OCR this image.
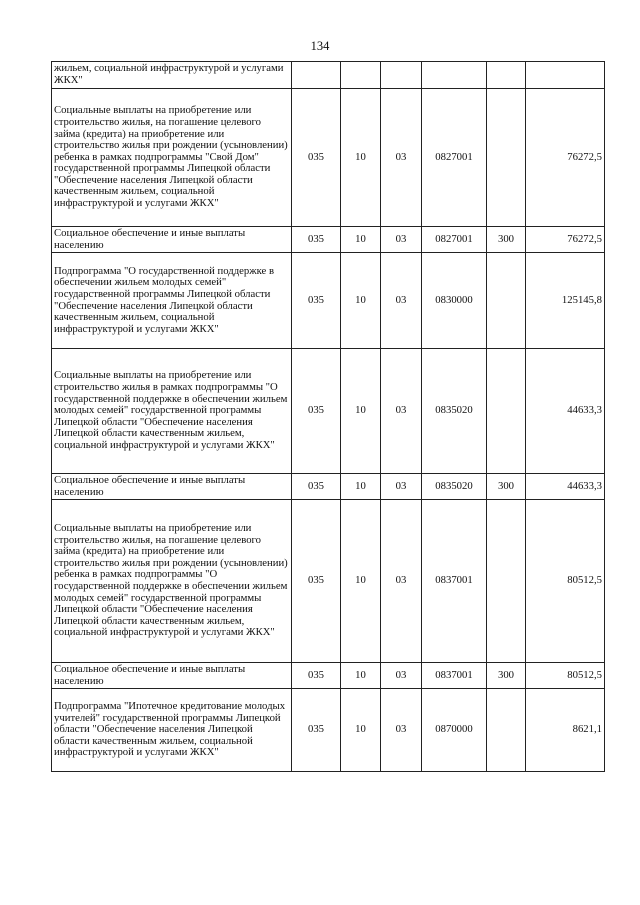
134
жильем, социальной инфраструктурой и услугами ЖКХ"						
Социальные выплаты на приобретение или строительство жилья, на погашение целевого займа (кредита) на приобретение или строительство жилья при рождении (усыновлении) ребенка в рамках подпрограммы "Свой Дом" государственной программы Липецкой области "Обеспечение населения Липецкой области качественным жильем, социальной инфраструктурой и услугами ЖКХ"	035	10	03	0827001		76272,5
Социальное обеспечение и иные выплаты населению	035	10	03	0827001	300	76272,5
Подпрограмма "О государственной поддержке в обеспечении жильем молодых семей" государственной программы Липецкой области "Обеспечение населения Липецкой области качественным жильем, социальной инфраструктурой и услугами ЖКХ"	035	10	03	0830000		125145,8
Социальные выплаты на приобретение или строительство жилья в рамках подпрограммы "О государственной поддержке в обеспечении жильем молодых семей" государственной программы Липецкой области "Обеспечение населения Липецкой области качественным жильем, социальной инфраструктурой и услугами ЖКХ"	035	10	03	0835020		44633,3
Социальное обеспечение и иные выплаты населению	035	10	03	0835020	300	44633,3
Социальные выплаты на приобретение или строительство жилья, на погашение целевого займа (кредита) на приобретение или строительство жилья при рождении (усыновлении) ребенка в рамках подпрограммы "О государственной поддержке в обеспечении жильем молодых семей" государственной программы Липецкой области "Обеспечение населения Липецкой области качественным жильем, социальной инфраструктурой и услугами ЖКХ"	035	10	03	0837001		80512,5
Социальное обеспечение и иные выплаты населению	035	10	03	0837001	300	80512,5
Подпрограмма "Ипотечное кредитование молодых учителей" государственной программы Липецкой области "Обеспечение населения Липецкой области качественным жильем, социальной инфраструктурой и услугами ЖКХ"	035	10	03	0870000		8621,1
